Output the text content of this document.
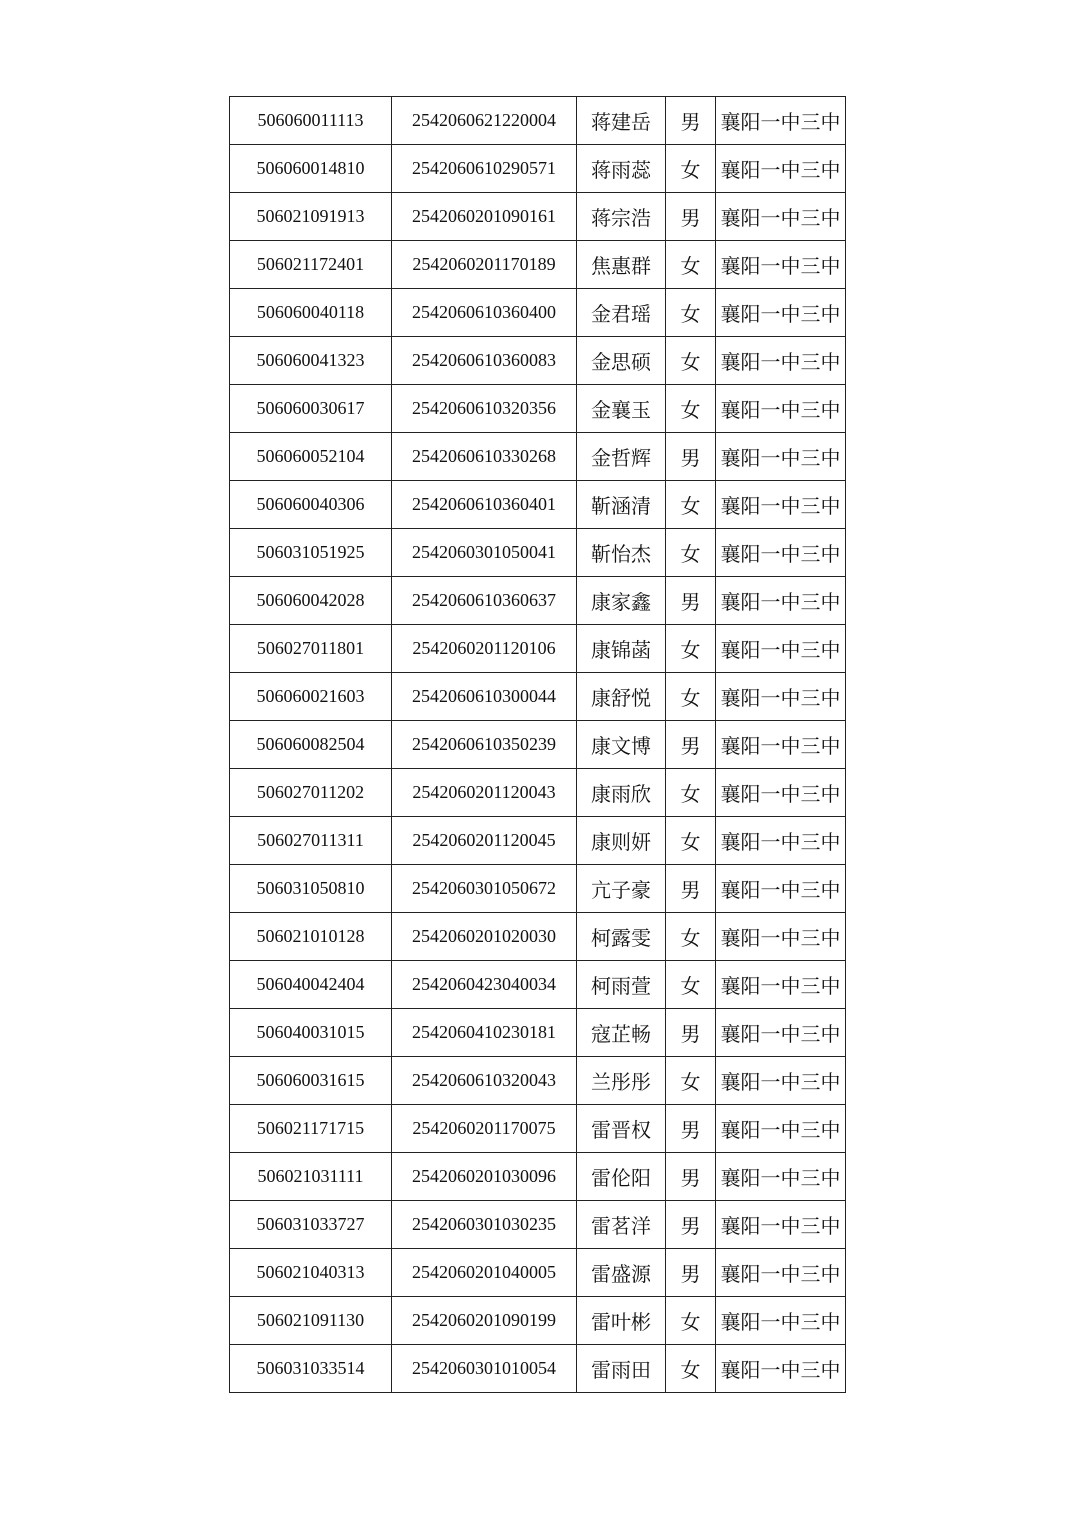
506060011113	2542060621220004	蒋建岳	男	襄阳一中三中
506060014810	2542060610290571	蒋雨蕊	女	襄阳一中三中
506021091913	2542060201090161	蒋宗浩	男	襄阳一中三中
506021172401	2542060201170189	焦惠群	女	襄阳一中三中
506060040118	2542060610360400	金君瑶	女	襄阳一中三中
506060041323	2542060610360083	金思硕	女	襄阳一中三中
506060030617	2542060610320356	金襄玉	女	襄阳一中三中
506060052104	2542060610330268	金哲辉	男	襄阳一中三中
506060040306	2542060610360401	靳涵清	女	襄阳一中三中
506031051925	2542060301050041	靳怡杰	女	襄阳一中三中
506060042028	2542060610360637	康家鑫	男	襄阳一中三中
506027011801	2542060201120106	康锦菡	女	襄阳一中三中
506060021603	2542060610300044	康舒悦	女	襄阳一中三中
506060082504	2542060610350239	康文博	男	襄阳一中三中
506027011202	2542060201120043	康雨欣	女	襄阳一中三中
506027011311	2542060201120045	康则妍	女	襄阳一中三中
506031050810	2542060301050672	亢子豪	男	襄阳一中三中
506021010128	2542060201020030	柯露雯	女	襄阳一中三中
506040042404	2542060423040034	柯雨萱	女	襄阳一中三中
506040031015	2542060410230181	寇芷畅	男	襄阳一中三中
506060031615	2542060610320043	兰彤彤	女	襄阳一中三中
506021171715	2542060201170075	雷晋权	男	襄阳一中三中
506021031111	2542060201030096	雷伦阳	男	襄阳一中三中
506031033727	2542060301030235	雷茗洋	男	襄阳一中三中
506021040313	2542060201040005	雷盛源	男	襄阳一中三中
506021091130	2542060201090199	雷叶彬	女	襄阳一中三中
506031033514	2542060301010054	雷雨田	女	襄阳一中三中
